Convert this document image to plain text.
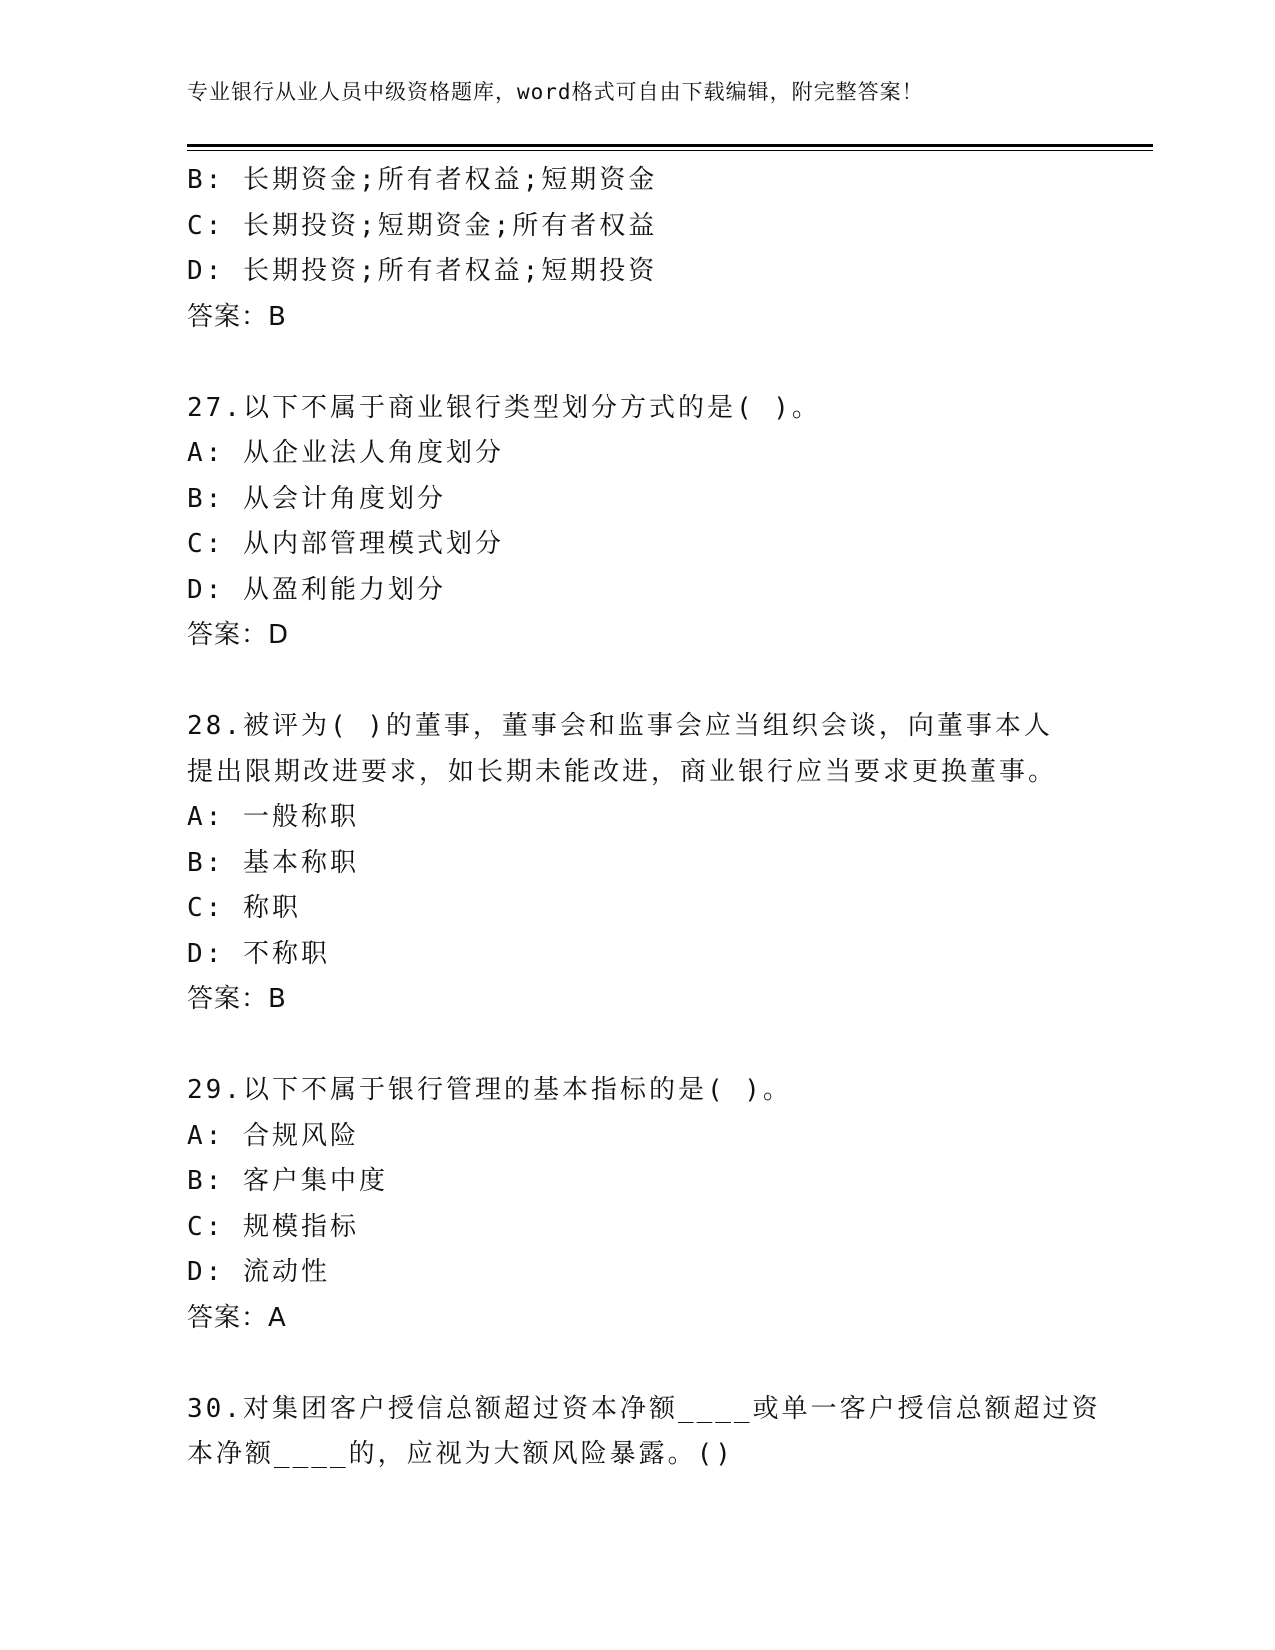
专业银行从业人员中级资格题库，word格式可自由下载编辑，附完整答案！
B: 长期资金;所有者权益;短期资金
C: 长期投资;短期资金;所有者权益
D: 长期投资;所有者权益;短期投资
答案：B
27.以下不属于商业银行类型划分方式的是( )。
A: 从企业法人角度划分
B: 从会计角度划分
C: 从内部管理模式划分
D: 从盈利能力划分
答案：D
28.被评为( )的董事，董事会和监事会应当组织会谈，向董事本人
提出限期改进要求，如长期未能改进，商业银行应当要求更换董事。
A: 一般称职
B: 基本称职
C: 称职
D: 不称职
答案：B
29.以下不属于银行管理的基本指标的是( )。
A: 合规风险
B: 客户集中度
C: 规模指标
D: 流动性
答案：A
30.对集团客户授信总额超过资本净额____或单一客户授信总额超过资
本净额____的，应视为大额风险暴露。()
